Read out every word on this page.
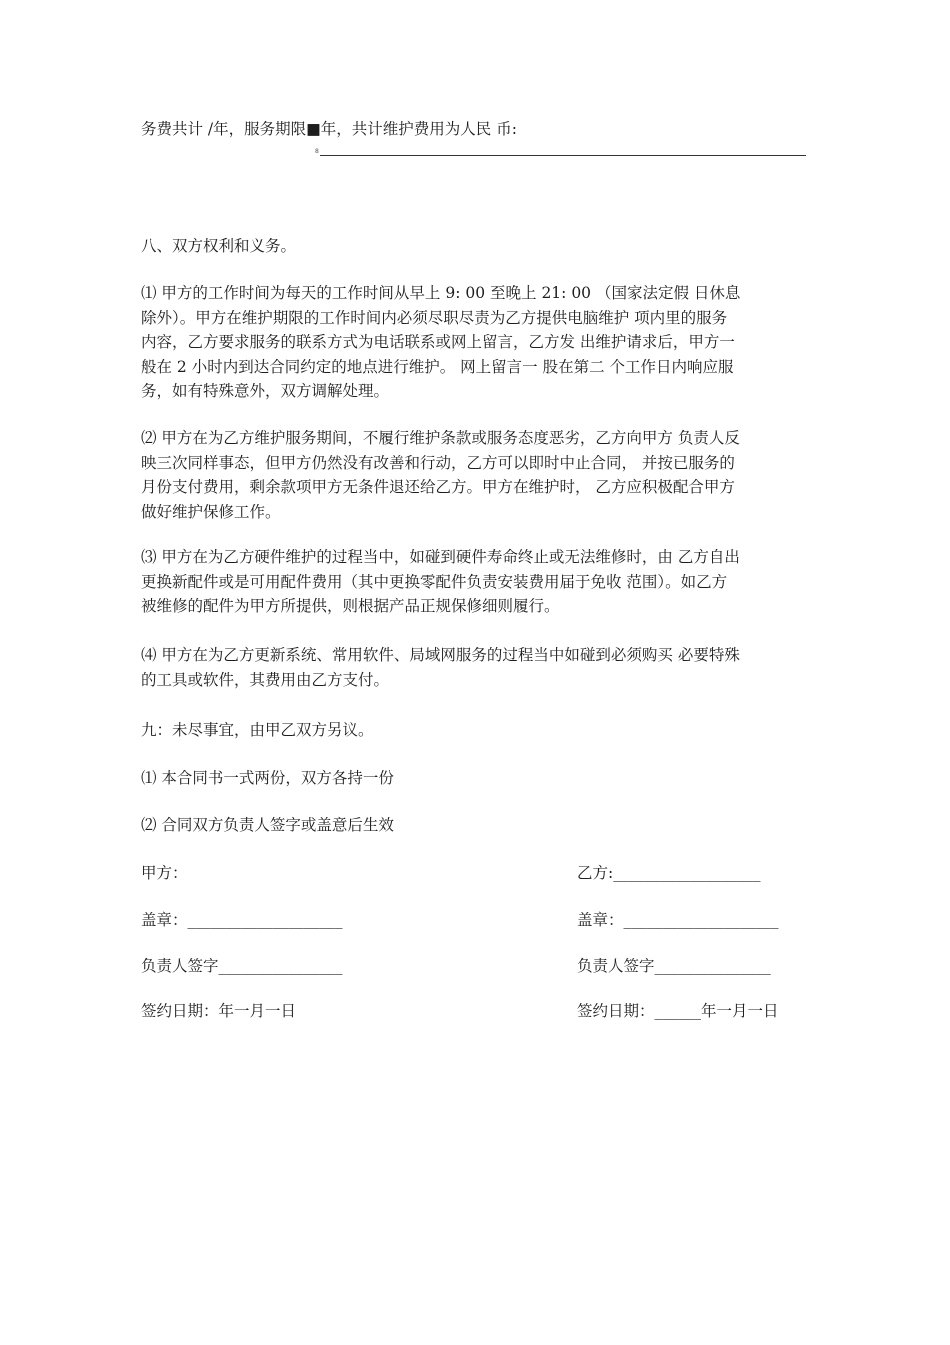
务费共计 /年，服务期限■年，共计维护费用为人民 币:
8
八、双方权利和义务。
⑴ 甲方的工作时间为每天的工作时间从早上 9: 00 至晚上 21: 00 （国家法定假 日休息
除外）。甲方在维护期限的工作时间内必须尽职尽责为乙方提供电脑维护 项内里的服务
内容，乙方要求服务的联系方式为电话联系或网上留言，乙方发 出维护请求后，甲方一
般在 2 小时内到达合同约定的地点进行维护。 网上留言一 股在第二 个工作日内响应服
务，如有特殊意外，双方调解处理。
⑵ 甲方在为乙方维护服务期间，不履行维护条款或服务态度恶劣，乙方向甲方 负责人反
映三次同样事态，但甲方仍然没有改善和行动，乙方可以即时中止合同， 并按已服务的
月份支付费用，剩余款项甲方无条件退还给乙方。甲方在维护时， 乙方应积极配合甲方
做好维护保修工作。
⑶ 甲方在为乙方硬件维护的过程当中，如碰到硬件寿命终止或无法维修时，由 乙方自出
更换新配件或是可用配件费用（其中更换零配件负责安装费用届于免收 范围）。如乙方
被维修的配件为甲方所提供，则根据产品正规保修细则履行。
⑷ 甲方在为乙方更新系统、常用软件、局域网服务的过程当中如碰到必须购买 必要特殊
的工具或软件，其费用由乙方支付。
九：未尽事宜，由甲乙双方另议。
⑴ 本合同书一式两份，双方各持一份
⑵ 合同双方负责人签字或盖意后生效
甲方：	乙方:___________________
盖章：____________________	盖章：____________________
负责人签字________________	负责人签字_______________
签约日期：年一月一日	签约日期：______年一月一日
